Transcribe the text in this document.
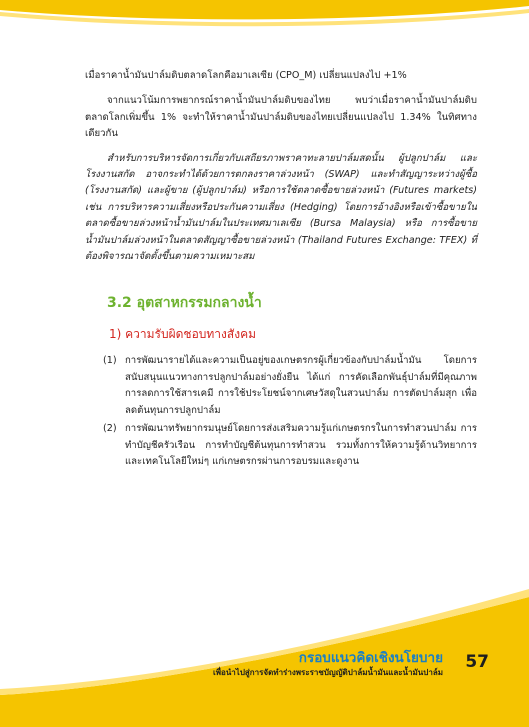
เมื่อราคาน้ำมันปาล์มดิบตลาดโลกคือมาเลเซีย (CPO_M) เปลี่ยนแปลงไป +1%

จากแนวโน้มการพยากรณ์ราคาน้ำมันปาล์มดิบของไทย พบว่าเมื่อราคาน้ำมันปาล์มดิบตลาดโลกเพิ่มขึ้น 1% จะทำให้ราคาน้ำมันปาล์มดิบของไทยเปลี่ยนแปลงไป 1.34% ในทิศทางเดียวกัน

สำหรับการบริหารจัดการเกี่ยวกับเสถียรภาพราคาทะลายปาล์มสดนั้น ผู้ปลูกปาล์ม และ โรงงานสกัด อาจกระทำได้ด้วยการตกลงราคาล่วงหน้า (SWAP) และทำสัญญาระหว่างผู้ซื้อ (โรงงานสกัด) และผู้ขาย (ผู้ปลูกปาล์ม) หรือการใช้ตลาดซื้อขายล่วงหน้า (Futures markets) เช่น การบริหารความเสี่ยงหรือประกันความเสี่ยง (Hedging) โดยการอ้างอิงหรือเข้าซื้อขายในตลาดซื้อขายล่วงหน้าน้ำมันปาล์มในประเทศมาเลเซีย (Bursa Malaysia) หรือ การซื้อขายน้ำมันปาล์มล่วงหน้าในตลาดสัญญาซื้อขายล่วงหน้า (Thailand Futures Exchange: TFEX) ที่ต้องพิจารณาจัดตั้งขึ้นตามความเหมาะสม

3.2 อุตสาหกรรมกลางน้ำ
1) ความรับผิดชอบทางสังคม
(1) การพัฒนารายได้และความเป็นอยู่ของเกษตรกรผู้เกี่ยวข้องกับปาล์มน้ำมัน โดยการสนับสนุนแนวทางการปลูกปาล์มอย่างยั่งยืน ได้แก่ การคัดเลือกพันธุ์ปาล์มที่มีคุณภาพ การลดการใช้สารเคมี การใช้ประโยชน์จากเศษวัสดุในสวนปาล์ม การตัดปาล์มสุก เพื่อลดต้นทุนการปลูกปาล์ม
(2) การพัฒนาทรัพยากรมนุษย์โดยการส่งเสริมความรู้แก่เกษตรกรในการทำสวนปาล์ม การทำบัญชีครัวเรือน การทำบัญชีต้นทุนการทำสวน รวมทั้งการให้ความรู้ด้านวิทยาการและเทคโนโลยีใหม่ๆ แก่เกษตรกรผ่านการอบรมและดูงาน
กรอบแนวคิดเชิงนโยบาย
เพื่อนำไปสู่การจัดทำร่างพระราชบัญญัติปาล์มน้ำมันและน้ำมันปาล์ม
57
